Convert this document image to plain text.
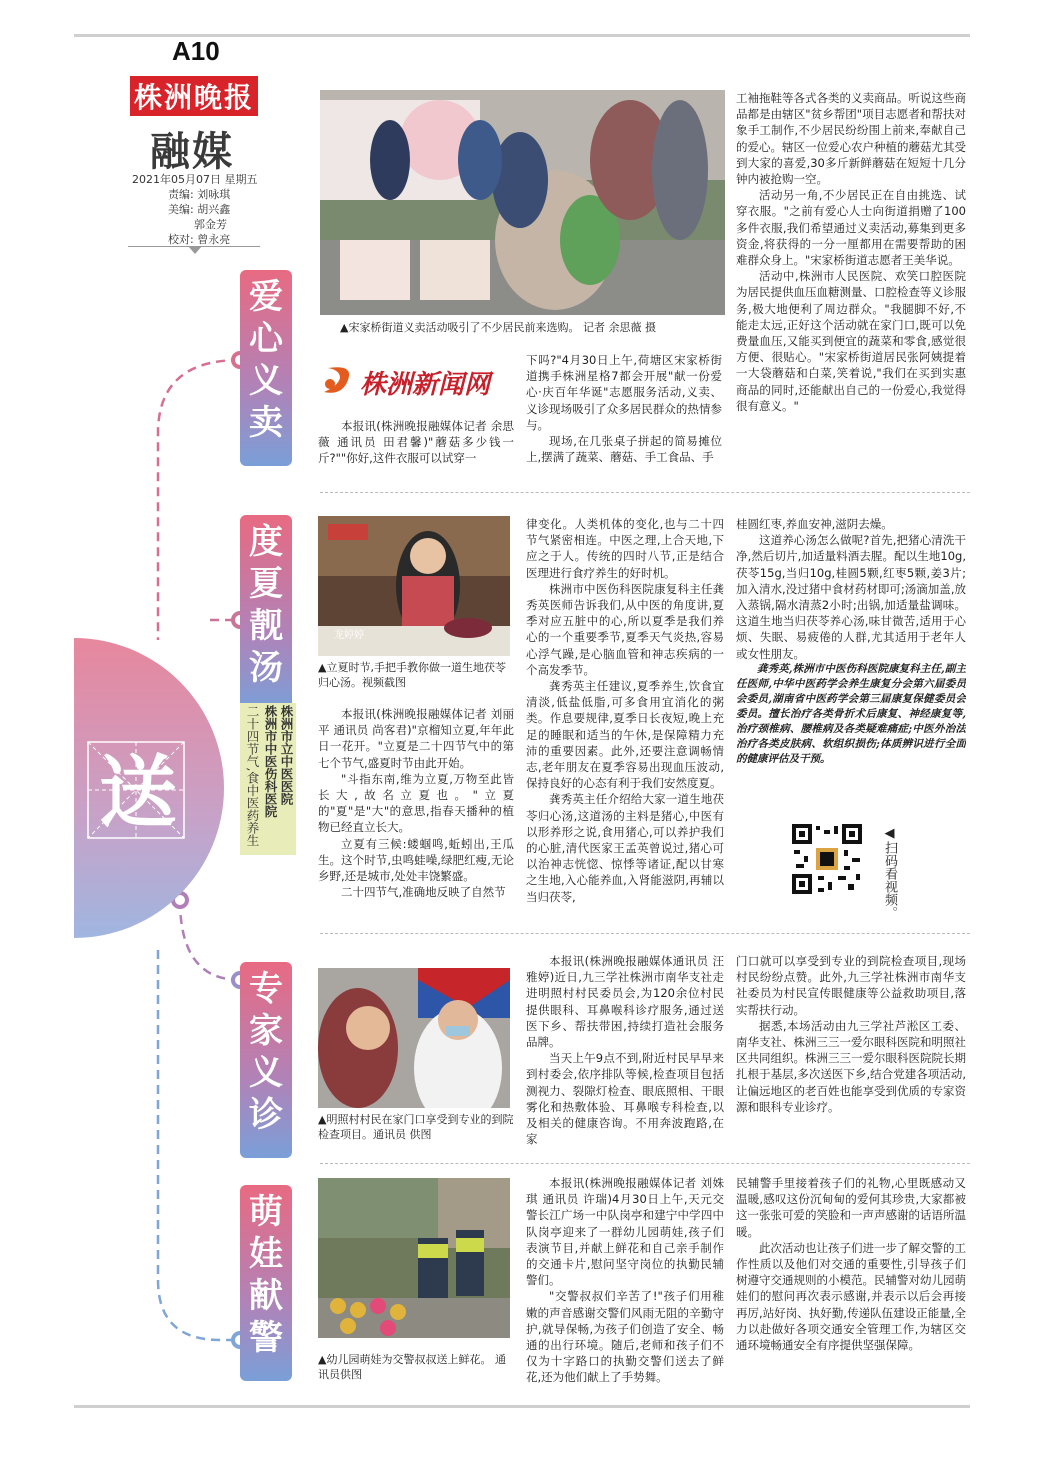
A10
株洲晚报
融媒
2021年05月07日 星期五
责编: 刘咏琪
美编: 胡兴鑫
郭金芳
校对: 曾永亮
送
爱
心
义
卖
▲宋家桥街道义卖活动吸引了不少居民前来选购。 记者 余思薇 摄
株洲新闻网

本报讯(株洲晚报融媒体记者 余思薇 通讯员 田君馨)"蘑菇多少钱一斤?""你好,这件衣服可以试穿一

下吗?"4月30日上午,荷塘区宋家桥街道携手株洲星格7都会开展"献一份爱心·庆百年华诞"志愿服务活动,义卖、义诊现场吸引了众多居民群众的热情参与。

现场,在几张桌子拼起的简易摊位上,摆满了蔬菜、蘑菇、手工食品、手

工袖拖鞋等各式各类的义卖商品。听说这些商品都是由辖区"贫乡帮团"项目志愿者和帮扶对象手工制作,不少居民纷纷围上前来,奉献自己的爱心。辖区一位爱心农户种植的蘑菇尤其受到大家的喜爱,30多斤新鲜蘑菇在短短十几分钟内被抢购一空。

活动另一角,不少居民正在自由挑选、试穿衣服。"之前有爱心人士向街道捐赠了100多件衣服,我们希望通过义卖活动,募集到更多资金,将获得的一分一厘都用在需要帮助的困难群众身上。"宋家桥街道志愿者王美华说。

活动中,株洲市人民医院、欢笑口腔医院为居民提供血压血糖测量、口腔检查等义诊服务,极大地便利了周边群众。"我腿脚不好,不能走太远,正好这个活动就在家门口,既可以免费量血压,又能买到便宜的蔬菜和零食,感觉很方便、很贴心。"宋家桥街道居民张阿姨提着一大袋蘑菇和白菜,笑着说,"我们在买到实惠商品的同时,还能献出自己的一份爱心,我觉得很有意义。"

度
夏
靓
汤
株洲市立中医医院
株洲市中医伤科医院
二十四节气,食中医药养生
龙婷婷
▲立夏时节,手把手教你做一道生地茯苓归心汤。视频截图

本报讯(株洲晚报融媒体记者 刘丽平 通讯员 尚客君)"京榴知立夏,年年此日一花开。"立夏是二十四节气中的第七个节气,盛夏时节由此开始。

"斗指东南,维为立夏,万物至此皆长大,故名立夏也。"立夏的"夏"是"大"的意思,指春天播种的植物已经直立长大。

立夏有三候:蝼蝈鸣,蚯蚓出,王瓜生。这个时节,虫鸣蛙噪,绿肥红瘦,无论乡野,还是城市,处处丰饶繁盛。

二十四节气,准确地反映了自然节

律变化。人类机体的变化,也与二十四节气紧密相连。中医之理,上合天地,下应之于人。传统的四时八节,正是结合医理进行食疗养生的好时机。

株洲市中医伤科医院康复科主任龚秀英医师告诉我们,从中医的角度讲,夏季对应五脏中的心,所以夏季是我们养心的一个重要季节,夏季天气炎热,容易心浮气躁,是心脑血管和神志疾病的一个高发季节。

龚秀英主任建议,夏季养生,饮食宜清淡,低盐低脂,可多食用宜消化的粥类。作息要规律,夏季日长夜短,晚上充足的睡眠和适当的午休,是保障精力充沛的重要因素。此外,还要注意调畅情志,老年朋友在夏季容易出现血压波动,保持良好的心态有利于我们安然度夏。

龚秀英主任介绍给大家一道生地茯苓归心汤,这道汤的主料是猪心,中医有以形养形之说,食用猪心,可以养护我们的心脏,清代医家王孟英曾说过,猪心可以治神志恍惚、惊悸等诸证,配以甘寒之生地,入心能养血,入肾能滋阴,再辅以当归茯苓,

桂圆红枣,养血安神,滋阴去燥。

这道养心汤怎么做呢?首先,把猪心清洗干净,然后切片,加适量料酒去腥。配以生地10g,茯苓15g,当归10g,桂圆5颗,红枣5颗,姜3片;加入清水,没过猪中食材药材即可;汤滴加盖,放入蒸锅,隔水清蒸2小时;出锅,加适量盐调味。这道生地当归茯苓养心汤,味甘微苦,适用于心烦、失眠、易疲倦的人群,尤其适用于老年人或女性朋友。

龚秀英,株洲市中医伤科医院康复科主任,副主任医师,中华中医药学会养生康复分会第六届委员会委员,湖南省中医药学会第三届康复保健委员会委员。擅长治疗各类骨折术后康复、神经康复等,治疗颈椎病、腰椎病及各类疑难痛症;中医外治法治疗各类皮肤病、软组织损伤;体质辨识进行全面的健康评估及干预。

◀扫码看视频。
专
家
义
诊	▲明照村村民在家门口享受到专业的到院检查项目。通讯员 供图

本报讯(株洲晚报融媒体通讯员 汪雅婷)近日,九三学社株洲市南华支社走进明照村村民委员会,为120余位村民提供眼科、耳鼻喉科诊疗服务,通过送医下乡、帮扶带困,持续打造社会服务品牌。

当天上午9点不到,附近村民早早来到村委会,依序排队等候,检查项目包括测视力、裂隙灯检查、眼底照相、干眼雾化和热敷体验、耳鼻喉专科检查,以及相关的健康咨询。不用奔波跑路,在家

门口就可以享受到专业的到院检查项目,现场村民纷纷点赞。此外,九三学社株洲市南华支社委员为村民宣传眼健康等公益救助项目,落实帮扶行动。

据悉,本场活动由九三学社芦淞区工委、南华支社、株洲三三一爱尔眼科医院和明照社区共同组织。株洲三三一爱尔眼科医院院长期扎根于基层,多次送医下乡,结合党建各项活动,让偏远地区的老百姓也能享受到优质的专家资源和眼科专业诊疗。

萌
娃
献
警
▲幼儿园萌娃为交警叔叔送上鲜花。 通讯员供图

本报讯(株洲晚报融媒体记者 刘姝琪 通讯员 许瑞)4月30日上午,天元交警长江广场一中队岗亭和建宁中学四中队岗亭迎来了一群幼儿园萌娃,孩子们表演节目,并献上鲜花和自己亲手制作的交通卡片,慰问坚守岗位的执勤民辅警们。

"交警叔叔们辛苦了!"孩子们用稚嫩的声音感谢交警们风雨无阻的辛勤守护,就导保畅,为孩子们创造了安全、畅通的出行环境。随后,老师和孩子们不仅为十字路口的执勤交警们送去了鲜花,还为他们献上了手势舞。

民辅警手里接着孩子们的礼物,心里既感动又温暖,感叹这份沉甸甸的爱何其珍贵,大家都被这一张张可爱的笑脸和一声声感谢的话语所温暖。

此次活动也让孩子们进一步了解交警的工作性质以及他们对交通的重要性,引导孩子们树遵守交通规则的小模范。民辅警对幼儿园萌娃们的慰问再次表示感谢,并表示以后会再接再厉,站好岗、执好勤,传递队伍建设正能量,全力以赴做好各项交通安全管理工作,为辖区交通环境畅通安全有序提供坚强保障。
